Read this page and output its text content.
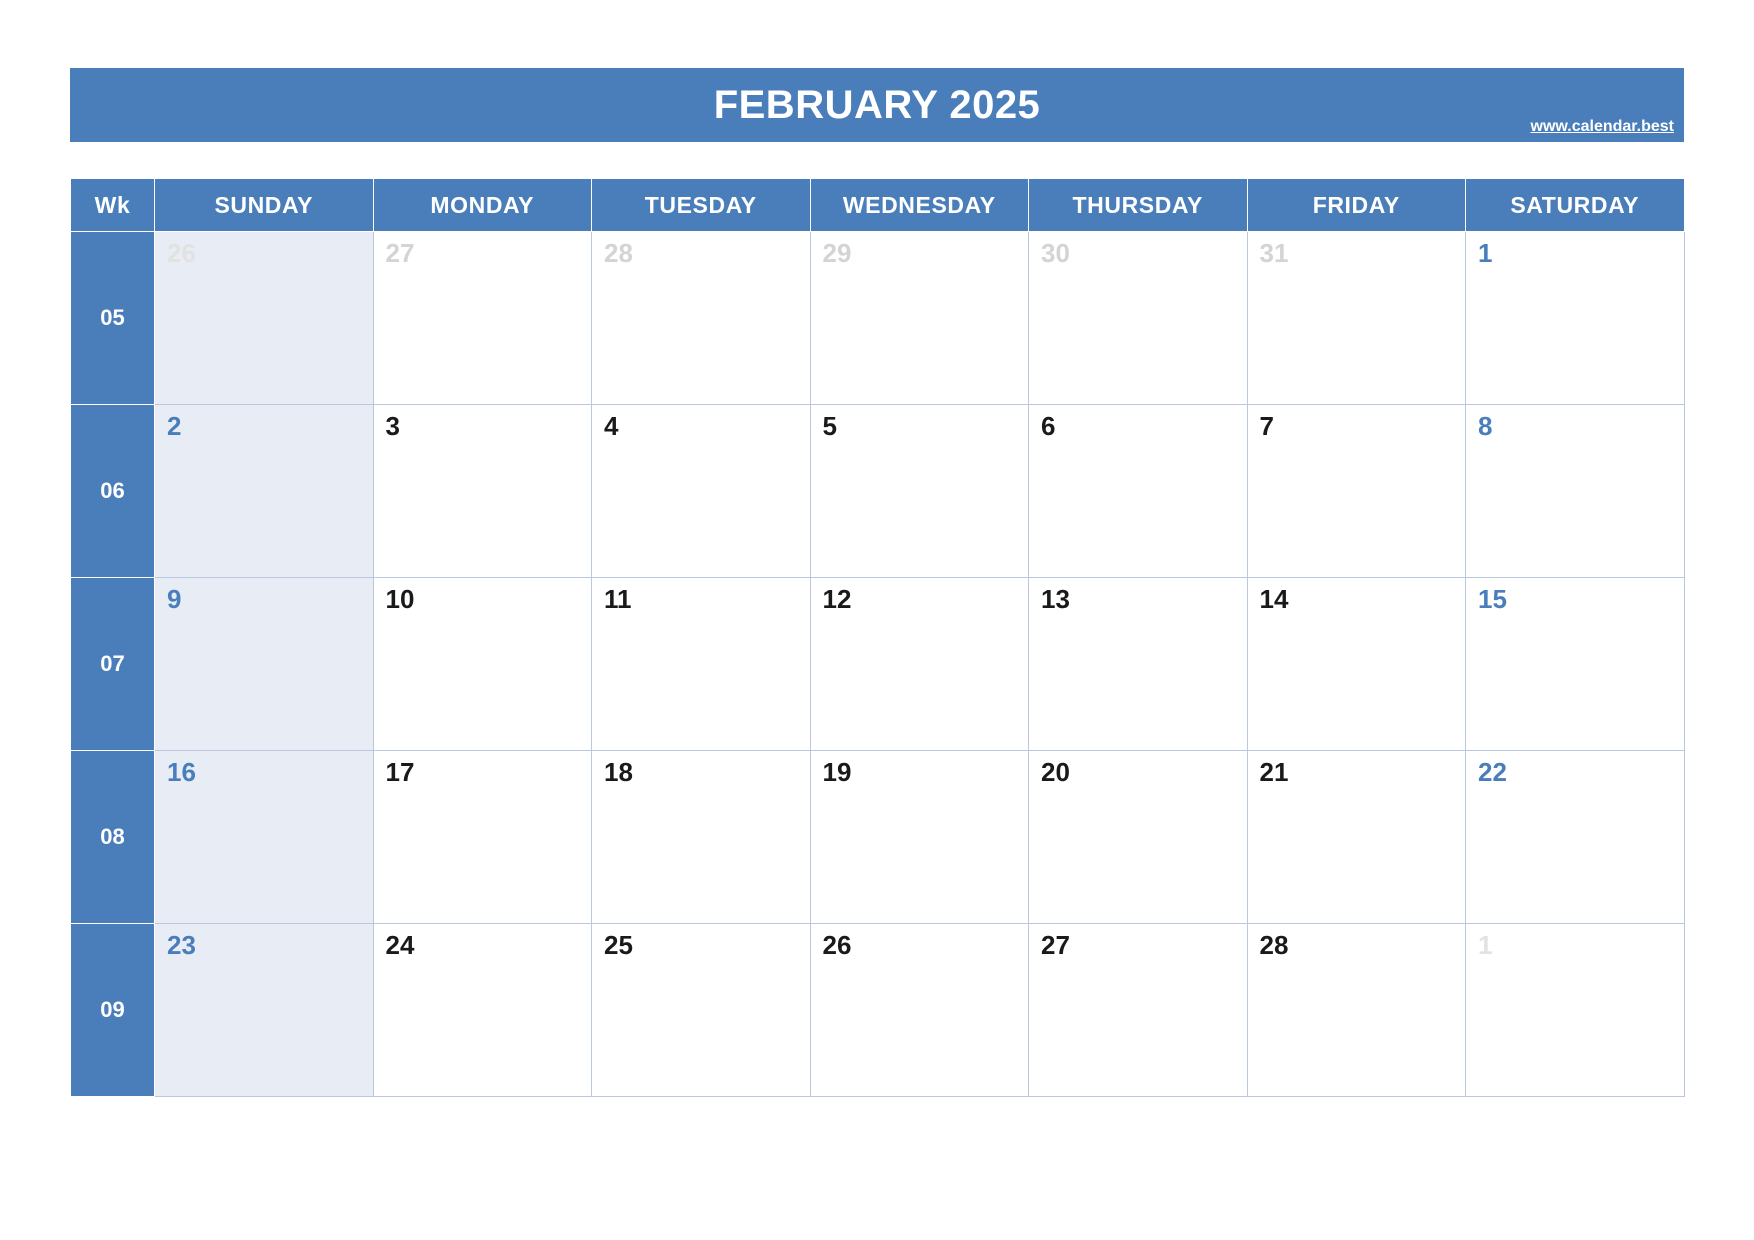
FEBRUARY 2025	www.calendar.best
Wk	SUNDAY	MONDAY	TUESDAY	WEDNESDAY	THURSDAY	FRIDAY	SATURDAY
05	26	27	28	29	30	31	1

06	2	3	4	5	6	7	8

07	9	10	11	12	13	14	15

08	16	17	18	19	20	21	22

09	23	24	25	26	27	28	1
